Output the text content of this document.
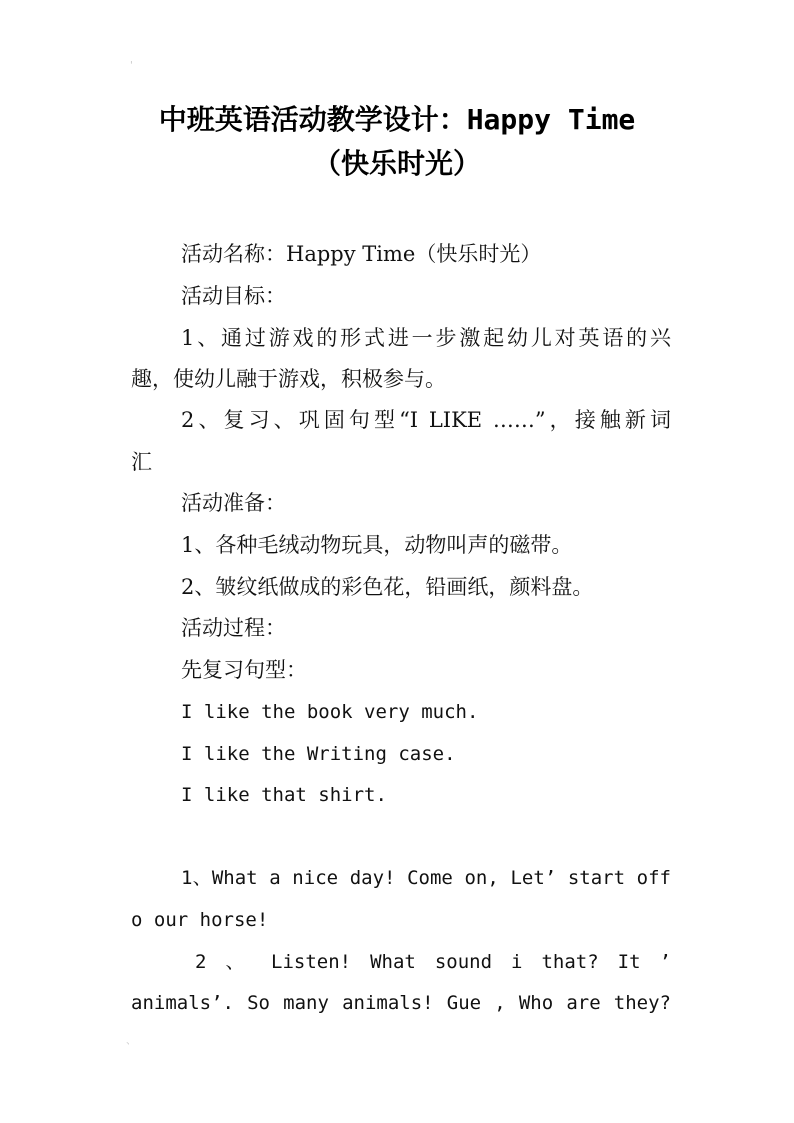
'
中班英语活动教学设计：Happy Time
（快乐时光）
活动名称：Happy Time（快乐时光）
活动目标：
1、通过游戏的形式进一步激起幼儿对英语的兴
趣，使幼儿融于游戏，积极参与。
2、复习、巩固句型“I LIKE ……”，接触新词
汇
活动准备：
1、各种毛绒动物玩具，动物叫声的磁带。
2、皱纹纸做成的彩色花，铅画纸，颜料盘。
活动过程：
先复习句型：
I like the book very much.
I like the Writing case.
I like that shirt.
1、What a nice day! Come on, Let’ start off
o our horse!
2 、 Listen! What sound i that? It ’
animals’. So many animals! Gue , Who are they?
、
